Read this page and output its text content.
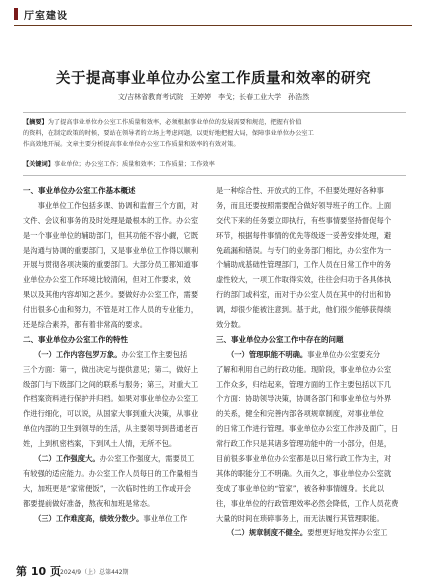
厅室建设
关于提高事业单位办公室工作质量和效率的研究
文/吉林省教育考试院　王婷婷　李戈；长春工业大学　孙浩然
【摘要】为了提高事业单位办公室工作质量和效率，必须根据事业单位的发展需要和规范，把握有价值
的资料，在制定政策的时候，要站在领导者的立场上考虑问题，以更好地把握大局，保障事业单位办公室工
作高效地开展。文章主要分析提高事业单位办公室工作质量和效率的有效对策。
【关键词】事业单位；办公室工作；质量和效率；工作质量；工作效率
一、事业单位办公室工作基本概述
　　事业单位工作包括多课、协调和监督三个方面，对
文件、会议和事务的及时处理是最根本的工作。办公室
是一个事业单位的辅助部门，但其功能不容小觑，它既
是沟通与协调的重要部门，又是事业单位工作得以顺利
开展与贯彻各项决策的重要部门。大部分员工都知道事
业单位办公室工作环境比较清闲，但对工作要求，效
果以及其他内容却知之甚少。要做好办公室工作，需要
付出很多心血和努力，不管是对工作人员的专业能力，
还是综合素养，都有着非常高的要求。
二、事业单位办公室工作的特性
　　（一）工作内容包罗万象。办公室工作主要包括
三个方面：第一，做出决定与提供意见；第二，做好上
级部门与下级部门之间的联系与服务；第三，对重大工
作档案资料进行保护并归档。如果对事业单位办公室工
作进行细化，可以说，从国家大事到重大决策，从事业
单位内部的卫生到领导的生活，从主要领导到普通老百
姓，上到机密档案，下到风土人情，无所不包。
　　（二）工作强度大。办公室工作强度大，需要员工
有较强的适应能力。办公室工作人员每日的工作量相当
大，加班更是“家常便饭”，一次临时性的工作或开会
都要提前做好准备，熬夜和加班是常态。
　　（三）工作难度高，绩效分数少。事业单位工作
是一种综合性、开放式的工作，不但要处理好各种事
务，而且还要按照需要配合做好领导班子的工作。上面
交代下来的任务要立即执行，有些事情要坚持督促每个
环节，根据每件事情的优先等级逐一妥善安排处理，避
免疏漏和错误。与专门的业务部门相比，办公室作为一
个辅助成基础性管理部门，工作人员在日常工作中的务
虚性较大，一项工作取得实效，往往会归功于各具体执
行的部门或科室，而对于办公室人员在其中的付出和协
调，却很少能被注意到。基于此，他们很少能够获得绩
效分数。
三、事业单位办公室工作中存在的问题
　　（一）管理职能不明确。事业单位办公室要充分
了解和利用自己的行政功能。现阶段，事业单位办公室
工作众多，归结起来，管理方面的工作主要包括以下几
个方面：协助领导决策，协调各部门和事业单位与外界
的关系，健全和完善内部各项规章制度，对事业单位
的日常工作进行管理。事业单位办公室工作涉及面广，日
常行政工作只是其诸多管理功能中的一小部分，但是，
目前很多事业单位办公室都是以日常行政工作为主，对
其体的职能分工不明确。久而久之，事业单位办公室就
变成了事业单位的“管家”，被各种事情缠身。长此以
往，事业单位的行政管理效率必然会降低，工作人员花费
大量的时间在琐碎事务上，而无法履行其管理职能。
　　（二）规章制度不健全。要想更好地发挥办公室工
第 10 页 2024/9（上）总第442期
